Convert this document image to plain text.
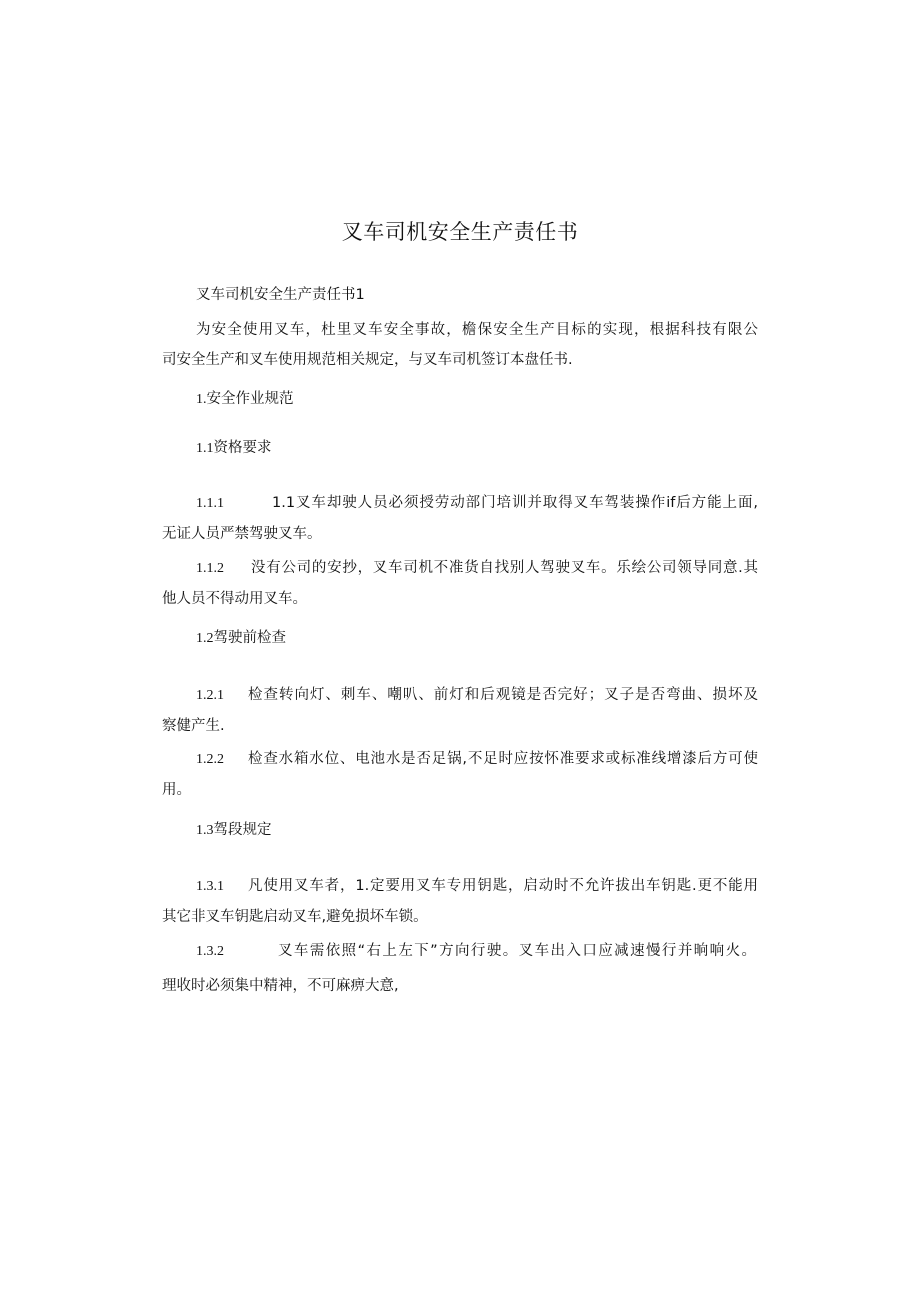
叉车司机安全生产责任书
叉车司机安全生产责任书1
为安全使用叉车，杜里叉车安全事故，檐保安全生产目标的实现，根据科技有限公
司安全生产和叉车使用规范相关规定，与叉车司机签订本盘任书.
1.安全作业规范
1.1资格要求
1.1.1	1.1叉车却驶人员必须授劳动部门培训并取得叉车驾装操作if后方能上面,
无证人员严禁驾驶叉车。
1.1.2 没有公司的安抄，叉车司机不准货自找别人驾驶叉车。乐绘公司领导同意.其
他人员不得动用叉车。
1.2驾驶前检查
1.2.1 检查转向灯、刺车、嘲叭、前灯和后观镜是否完好；叉子是否弯曲、损坏及
察健产生.
1.2.2 检查水箱水位、电池水是否足锅,不足时应按怀准要求或标准线增漆后方可使
用。
1.3驾段规定
1.3.1 凡使用叉车者，1.定要用叉车专用钥匙，启动时不允许拔出车钥匙.更不能用
其它非叉车钥匙启动叉车,避免损坏车锁。
1.3.2	叉车需依照“右上左下”方向行驶。叉车出入口应减速慢行并晌响火。
理收时必须集中精神，不可麻痹大意,
